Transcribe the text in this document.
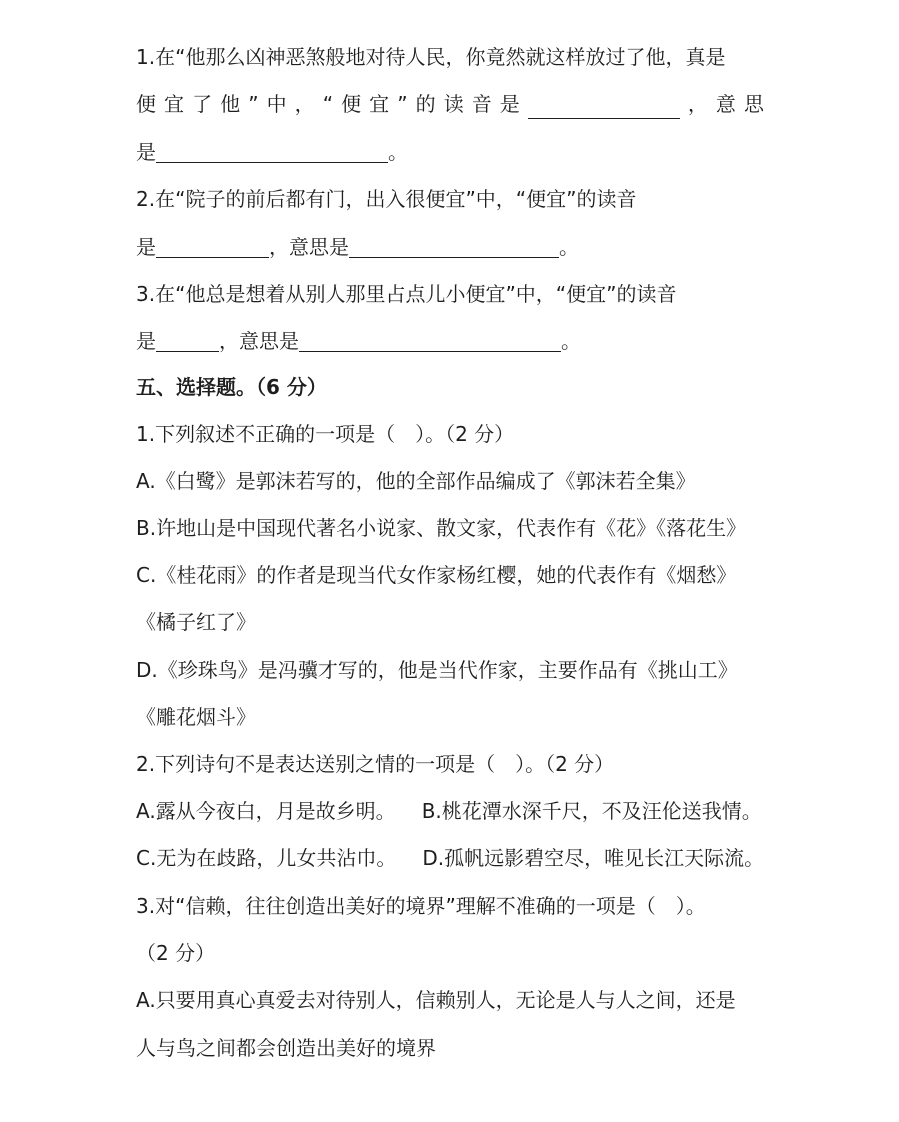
1.在“他那么凶神恶煞般地对待人民，你竟然就这样放过了他，真是
便 宜 了 他 ” 中 ， “ 便 宜 ” 的 读 音 是	， 意 思
是	。
2.在“院子的前后都有门，出入很便宜”中，“便宜”的读音
是	，意思是	。
3.在“他总是想着从别人那里占点儿小便宜”中，“便宜”的读音
是	，意思是	。
五、选择题。（6 分）
1.下列叙述不正确的一项是（　）。（2 分）
A.《白鹭》是郭沫若写的，他的全部作品编成了《郭沫若全集》
B.许地山是中国现代著名小说家、散文家，代表作有《花》《落花生》
C.《桂花雨》的作者是现当代女作家杨红樱，她的代表作有《烟愁》
《橘子红了》
D.《珍珠鸟》是冯骥才写的，他是当代作家，主要作品有《挑山工》
《雕花烟斗》
2.下列诗句不是表达送别之情的一项是（　）。（2 分）
A.露从今夜白，月是故乡明。 B.桃花潭水深千尺，不及汪伦送我情。
C.无为在歧路，儿女共沾巾。 D.孤帆远影碧空尽，唯见长江天际流。
3.对“信赖，往往创造出美好的境界”理解不准确的一项是（　）。
（2 分）
A.只要用真心真爱去对待别人，信赖别人，无论是人与人之间，还是
人与鸟之间都会创造出美好的境界
